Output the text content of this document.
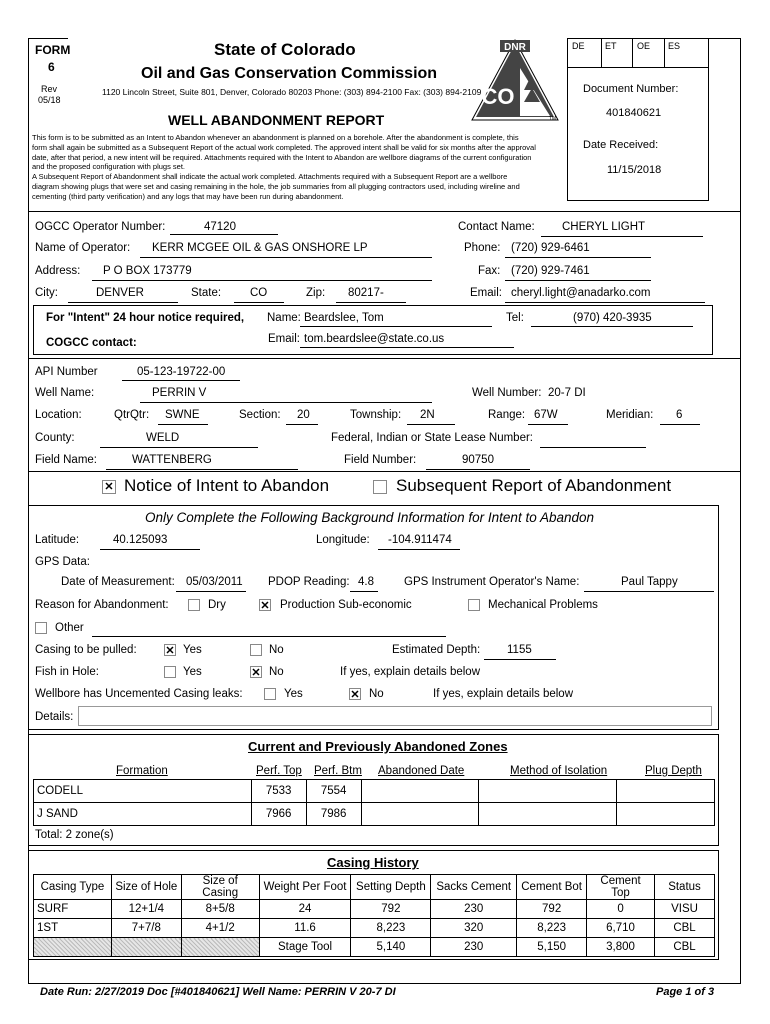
FORM
6
Rev
05/18
State of Colorado
Oil and Gas Conservation Commission
1120 Lincoln Street, Suite 801, Denver, Colorado 80203 Phone: (303) 894-2100 Fax: (303) 894-2109
DNR
CO
TM
WELL ABANDONMENT REPORT
This form is to be submitted as an Intent to Abandon whenever an abandonment is planned on a borehole. After the abandonment is complete, this
form shall again be submitted as a Subsequent Report of the actual work completed. The approved intent shall be valid for six months after the approval
date, after that period, a new intent will be required. Attachments required with the Intent to Abandon are wellbore diagrams of the current configuration
and the proposed configuration with plugs set.
A Subsequent Report of Abandonment shall indicate the actual work completed. Attachments required with a Subsequent Report are a wellbore
diagram showing plugs that were set and casing remaining in the hole, the job summaries from all plugging contractors used, including wireline and
cementing (third party verification) and any logs that may have been run during abandonment.
DE ET OE ES
Document Number:
401840621
Date Received:
11/15/2018
OGCC Operator Number:	47120	Contact Name: CHERYL LIGHT
Name of Operator: KERR MCGEE OIL & GAS ONSHORE LP	Phone: (720) 929-6461
Address: P O BOX 173779	Fax: (720) 929-7461
City:	DENVER	State:	CO	Zip: 80217-	Email: cheryl.light@anadarko.com
For "Intent" 24 hour notice required,
COGCC contact:
Name: Beardslee, Tom	Tel:	(970) 420-3935
Email: tom.beardslee@state.co.us
API Number	05-123-19722-00
Well Name:	PERRIN V	Well Number: 20-7 DI
Location:	QtrQtr: SWNE	Section: 20	Township: 2N	Range: 67W	Meridian: 6
County:	WELD	Federal, Indian or State Lease Number:
Field Name:	WATTENBERG	Field Number:	90750
✕
Notice of Intent to Abandon	Subsequent Report of Abandonment
Only Complete the Following Background Information for Intent to Abandon
Latitude:	40.125093	Longitude: -104.911474
GPS Data:
Date of Measurement: 05/03/2011 PDOP Reading: 4.8	GPS Instrument Operator's Name:	Paul Tappy
Reason for Abandonment:	Dry ✕	Production Sub-economic	Mechanical Problems
Other
Casing to be pulled: ✕	Yes	No	Estimated Depth: 1155
Fish in Hole:	Yes ✕	No	If yes, explain details below
Wellbore has Uncemented Casing leaks:	Yes ✕	No	If yes, explain details below
Details:
Current and Previously Abandoned Zones
Formation	Perf. Top Perf. Btm Abandoned Date	Method of Isolation	Plug Depth
CODELL	7533	7554			
J SAND	7966	7986			
Total: 2 zone(s)
Casing History
Casing Type	Size of Hole	Size of Casing	Weight Per Foot	Setting Depth	Sacks Cement	Cement Bot	Cement Top	Status
SURF	12+1/4	8+5/8	24	792	230	792	0	VISU
1ST	7+7/8	4+1/2	11.6	8,223	320	8,223	6,710	CBL
			Stage Tool	5,140	230	5,150	3,800	CBL
Date Run: 2/27/2019 Doc [#401840621] Well Name: PERRIN V 20-7 DI	Page 1 of 3
